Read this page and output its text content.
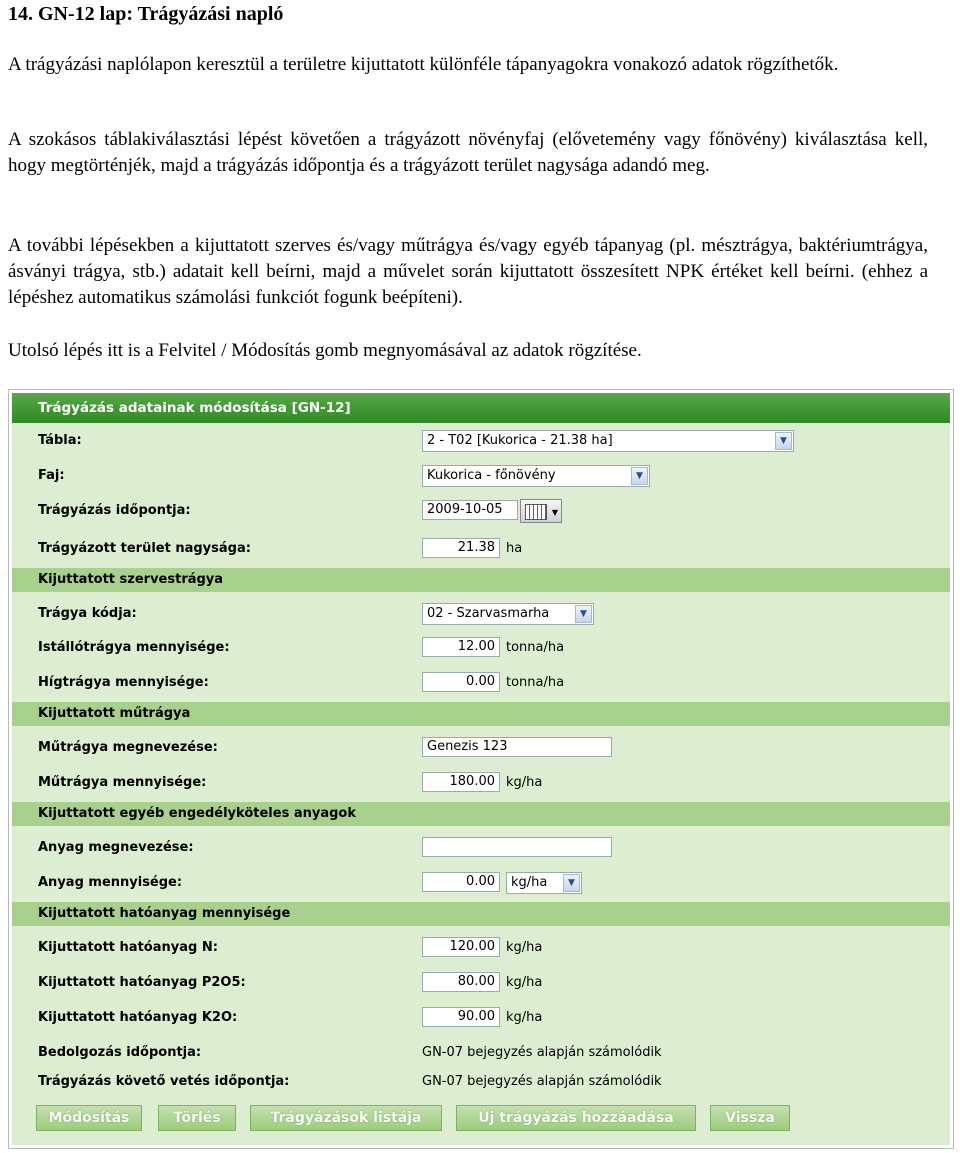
14. GN-12 lap: Trágyázási napló

A trágyázási naplólapon keresztül a területre kijuttatott különféle tápanyagokra vonakozó adatok rögzíthetők.

A szokásos táblakiválasztási lépést követően a trágyázott növényfaj (elővetemény vagy főnövény) kiválasztása kell, hogy megtörténjék, majd a trágyázás időpontja és a trágyázott terület nagysága adandó meg.

A további lépésekben a kijuttatott szerves és/vagy műtrágya és/vagy egyéb tápanyag (pl. mésztrágya, baktériumtrágya, ásványi trágya, stb.) adatait kell beírni, majd a művelet során kijuttatott összesített NPK értéket kell beírni. (ehhez a lépéshez automatikus számolási funkciót fogunk beépíteni).

Utolsó lépés itt is a Felvitel / Módosítás gomb megnyomásával az adatok rögzítése.

Trágyázás adatainak módosítása [GN-12]
Tábla:	2 - T02 [Kukorica - 21.38 ha]	▼
Faj:	Kukorica - főnövény	▼
Trágyázás időpontja:	2009-10-05	▼
Trágyázott terület nagysága:	21.38 ha
Kijuttatott szervestrágya
Trágya kódja:	02 - Szarvasmarha	▼
Istállótrágya mennyisége:	12.00 tonna/ha
Hígtrágya mennyisége:	0.00 tonna/ha
Kijuttatott műtrágya
Műtrágya megnevezése:	Genezis 123
Műtrágya mennyisége:	180.00 kg/ha
Kijuttatott egyéb engedélyköteles anyagok
Anyag megnevezése:
Anyag mennyisége:	0.00	kg/ha	▼
Kijuttatott hatóanyag mennyisége
Kijuttatott hatóanyag N:	120.00 kg/ha
Kijuttatott hatóanyag P2O5:	80.00 kg/ha
Kijuttatott hatóanyag K2O:	90.00 kg/ha
Bedolgozás időpontja:	GN-07 bejegyzés alapján számolódik
Trágyázás követő vetés időpontja:	GN-07 bejegyzés alapján számolódik
Módosítás	Törlés	Trágyázások listája	Új trágyázás hozzáadása	Vissza
